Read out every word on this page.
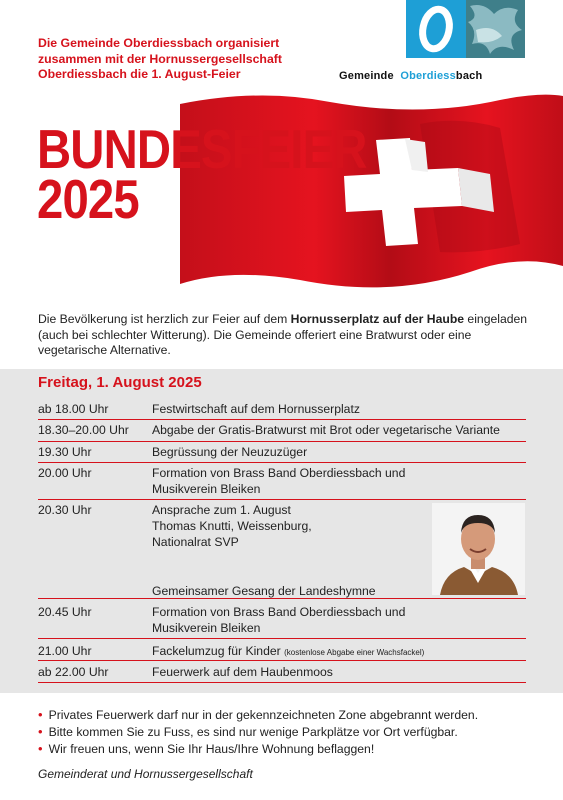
Die Gemeinde Oberdiessbach organisiert
zusammen mit der Hornussergesellschaft
Oberdiessbach die 1. August-Feier	Gemeinde Oberdiessbach
BUNDESFEIER
2025
Die Bevölkerung ist herzlich zur Feier auf dem Hornusserplatz auf der Haube eingeladen (auch bei schlechter Witterung). Die Gemeinde offeriert eine Bratwurst oder eine vegetarische Alternative.
Freitag, 1. August 2025
ab 18.00 Uhr	Festwirtschaft auf dem Hornusserplatz
18.30–20.00 Uhr Abgabe der Gratis-Bratwurst mit Brot oder vegetarische Variante
19.30 Uhr	Begrüssung der Neuzuzüger
20.00 Uhr	Formation von Brass Band Oberdiessbach und
Musikverein Bleiken
20.30 Uhr	Ansprache zum 1. August
Thomas Knutti, Weissenburg,
Nationalrat SVP
Gemeinsamer Gesang der Landeshymne
20.45 Uhr	Formation von Brass Band Oberdiessbach und
Musikverein Bleiken
21.00 Uhr	Fackelumzug für Kinder (kostenlose Abgabe einer Wachsfackel)
ab 22.00 Uhr	Feuerwerk auf dem Haubenmoos
• Privates Feuerwerk darf nur in der gekennzeichneten Zone abgebrannt werden.
• Bitte kommen Sie zu Fuss, es sind nur wenige Parkplätze vor Ort verfügbar.
• Wir freuen uns, wenn Sie Ihr Haus/Ihre Wohnung beflaggen!
Gemeinderat und Hornussergesellschaft
